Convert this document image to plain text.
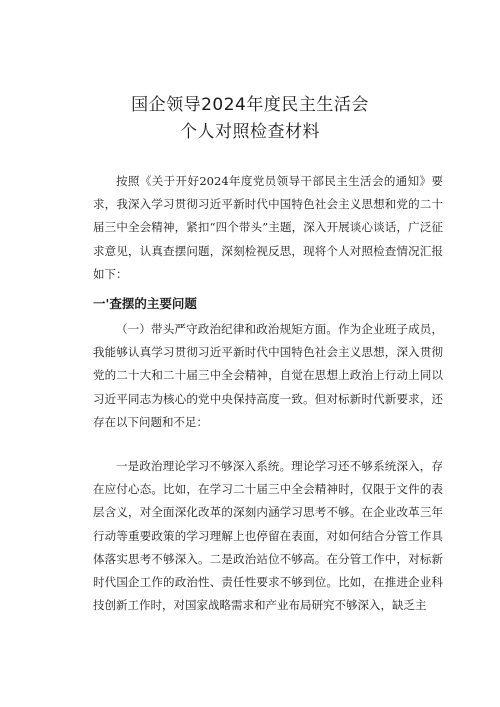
国企领导2024年度民主生活会
个人对照检查材料

按照《关于开好2024年度党员领导干部民主生活会的通知》要求，我深入学习贯彻习近平新时代中国特色社会主义思想和党的二十届三中全会精神，紧扣“四个带头”主题，深入开展谈心谈话，广泛征求意见，认真查摆问题，深刻检视反思，现将个人对照检查情况汇报如下：

一'查摆的主要问题

（一）带头严守政治纪律和政治规矩方面。作为企业班子成员，我能够认真学习贯彻习近平新时代中国特色社会主义思想，深入贯彻党的二十大和二十届三中全会精神，自觉在思想上政治上行动上同以习近平同志为核心的党中央保持高度一致。但对标新时代新要求，还存在以下问题和不足：

一是政治理论学习不够深入系统。理论学习还不够系统深入，存在应付心态。比如，在学习二十届三中全会精神时，仅限于文件的表层含义，对全面深化改革的深刻内涵学习思考不够。在企业改革三年行动等重要政策的学习理解上也停留在表面，对如何结合分管工作具体落实思考不够深入。二是政治站位不够高。在分管工作中，对标新时代国企工作的政治性、责任性要求不够到位。比如，在推进企业科技创新工作时，对国家战略需求和产业布局研究不够深入，缺乏主
